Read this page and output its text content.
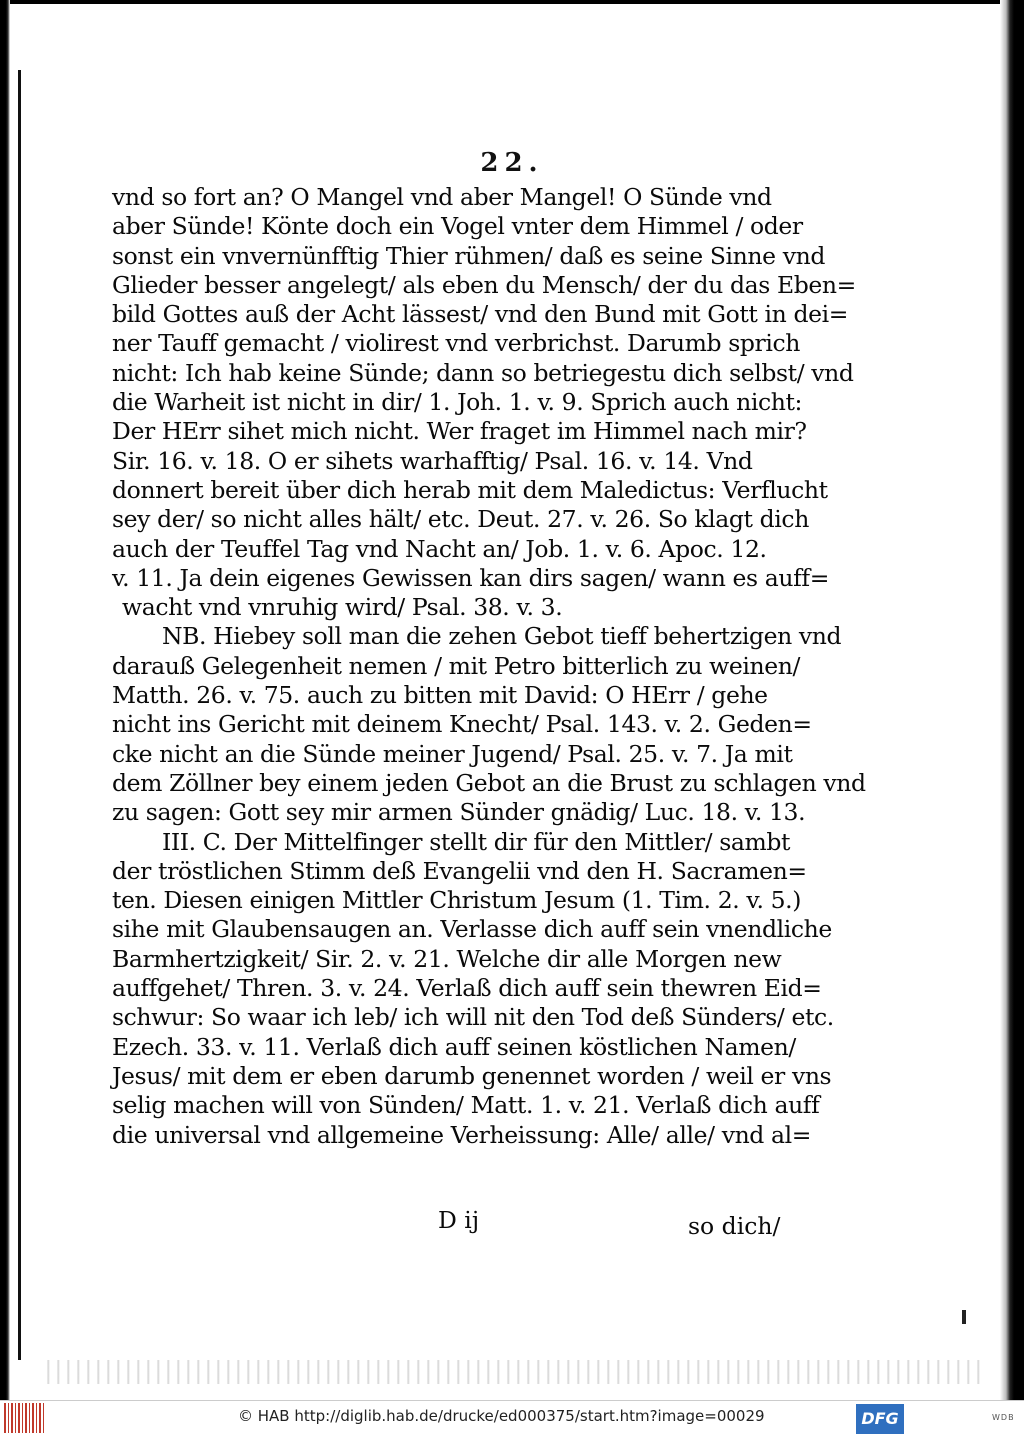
22.
vnd so fort an? O Mangel vnd aber Mangel! O Sünde vnd
aber Sünde! Könte doch ein Vogel vnter dem Himmel / oder
sonst ein vnvernünfftig Thier rühmen/ daß es seine Sinne vnd
Glieder besser angelegt/ als eben du Mensch/ der du das Eben=
bild Gottes auß der Acht lässest/ vnd den Bund mit Gott in dei=
ner Tauff gemacht / violirest vnd verbrichst. Darumb sprich
nicht: Ich hab keine Sünde; dann so betriegestu dich selbst/ vnd
die Warheit ist nicht in dir/ 1. Joh. 1. v. 9. Sprich auch nicht:
Der HErr sihet mich nicht. Wer fraget im Himmel nach mir?
Sir. 16. v. 18. O er sihets warhafftig/ Psal. 16. v. 14. Vnd
donnert bereit über dich herab mit dem Maledictus: Verflucht
sey der/ so nicht alles hält/ etc. Deut. 27. v. 26. So klagt dich
auch der Teuffel Tag vnd Nacht an/ Job. 1. v. 6. Apoc. 12.
v. 11. Ja dein eigenes Gewissen kan dirs sagen/ wann es auff=
wacht vnd vnruhig wird/ Psal. 38. v. 3.
NB. Hiebey soll man die zehen Gebot tieff behertzigen vnd
darauß Gelegenheit nemen / mit Petro bitterlich zu weinen/
Matth. 26. v. 75. auch zu bitten mit David: O HErr / gehe
nicht ins Gericht mit deinem Knecht/ Psal. 143. v. 2. Geden=
cke nicht an die Sünde meiner Jugend/ Psal. 25. v. 7. Ja mit
dem Zöllner bey einem jeden Gebot an die Brust zu schlagen vnd
zu sagen: Gott sey mir armen Sünder gnädig/ Luc. 18. v. 13.
III. C. Der Mittelfinger stellt dir für den Mittler/ sambt
der tröstlichen Stimm deß Evangelii vnd den H. Sacramen=
ten. Diesen einigen Mittler Christum Jesum (1. Tim. 2. v. 5.)
sihe mit Glaubensaugen an. Verlasse dich auff sein vnendliche
Barmhertzigkeit/ Sir. 2. v. 21. Welche dir alle Morgen new
auffgehet/ Thren. 3. v. 24. Verlaß dich auff sein thewren Eid=
schwur: So waar ich leb/ ich will nit den Tod deß Sünders/ etc.
Ezech. 33. v. 11. Verlaß dich auff seinen köstlichen Namen/
Jesus/ mit dem er eben darumb genennet worden / weil er vns
selig machen will von Sünden/ Matt. 1. v. 21. Verlaß dich auff
die universal vnd allgemeine Verheissung: Alle/ alle/ vnd al=
D ij	so dich/
© HAB http://diglib.hab.de/drucke/ed000375/start.htm?image=00029	DFG	WDB
